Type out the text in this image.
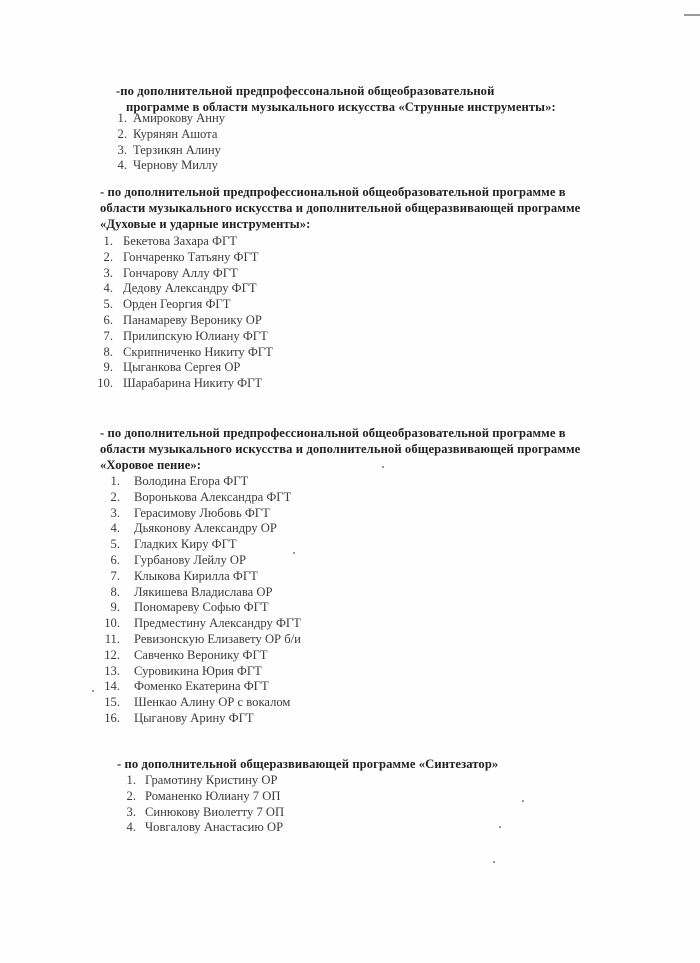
-по дополнительной предпрофессональной общеобразовательной
программе в области музыкального искусства «Струнные инструменты»:
1. Амирокову Анну
2. Курянян Ашота
3. Терзикян Алину
4. Чернову Миллу
- по дополнительной предпрофессиональной общеобразовательной программе в
области музыкального искусства и дополнительной общеразвивающей программе
«Духовые и ударные инструменты»:
1. Бекетова Захара ФГТ
2. Гончаренко Татьяну ФГТ
3. Гончарову Аллу ФГТ
4. Дедову Александру ФГТ
5. Орден Георгия ФГТ
6. Панамареву Веронику ОР
7. Прилипскую Юлиану ФГТ
8. Скрипниченко Никиту ФГТ
9. Цыганкова Сергея ОР
10. Шарабарина Никиту ФГТ
- по дополнительной предпрофессиональной общеобразовательной программе в
области музыкального искусства и дополнительной общеразвивающей программе
«Хоровое пение»:
1.	Володина Егора ФГТ
2.	Воронькова Александра ФГТ
3.	Герасимову Любовь ФГТ
4.	Дьяконову Александру ОР
5.	Гладких Киру ФГТ
6.	Гурбанову Лейлу ОР
7.	Клыкова Кирилла ФГТ
8.	Лякишева Владислава ОР
9.	Пономареву Софью ФГТ
10.	Предместину Александру ФГТ
11.	Ревизонскую Елизавету ОР б/и
12.	Савченко Веронику ФГТ
13.	Суровикина Юрия ФГТ
14.	Фоменко Екатерина ФГТ
15.	Шенкао Алину ОР с вокалом
16.	Цыганову Арину ФГТ
- по дополнительной общеразвивающей программе «Синтезатор»
1. Грамотину Кристину ОР
2. Романенко Юлиану 7 ОП
3. Синюкову Виолетту 7 ОП
4. Човгалову Анастасию ОР
